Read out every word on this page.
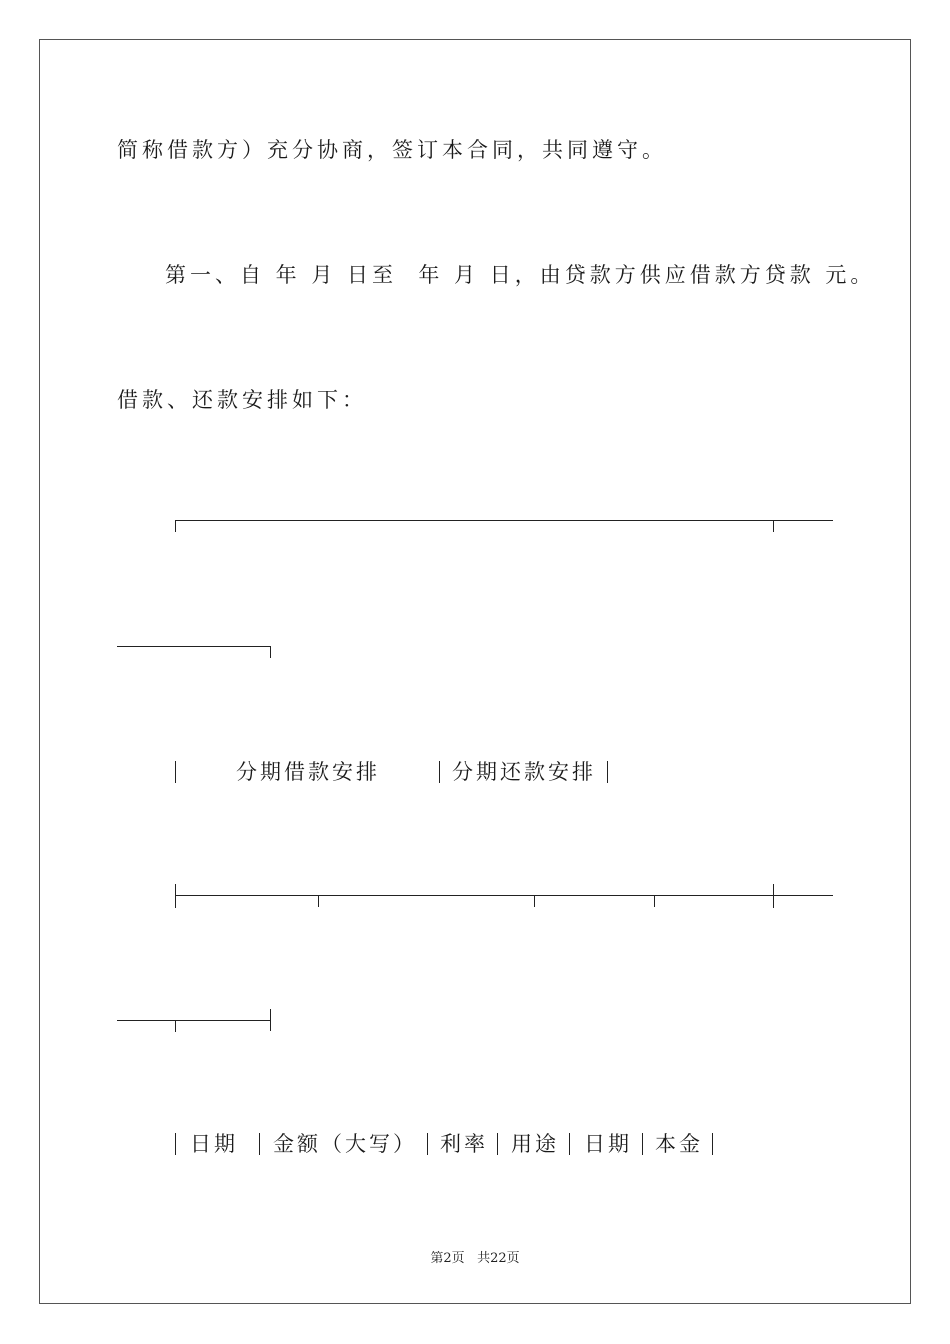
简称借款方）充分协商，签订本合同，共同遵守。
第一、自 年 月 日至  年 月 日，由贷款方供应借款方贷款 元。
借款、还款安排如下：
分期借款安排	分期还款安排
日期 金额（大写） 利率 用途 日期 本金
第2页 共22页
